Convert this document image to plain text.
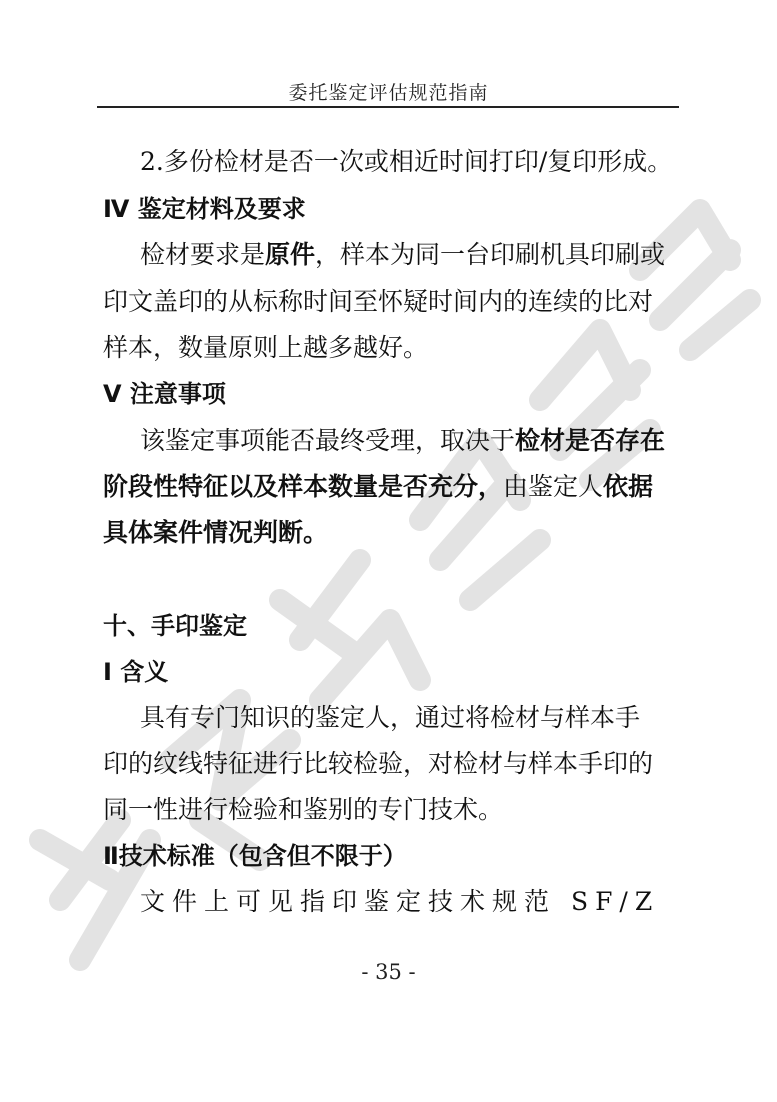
委托鉴定评估规范指南
2.多份检材是否一次或相近时间打印/复印形成。
Ⅳ 鉴定材料及要求
检材要求是原件，样本为同一台印刷机具印刷或
印文盖印的从标称时间至怀疑时间内的连续的比对
样本，数量原则上越多越好。
Ⅴ 注意事项
该鉴定事项能否最终受理，取决于检材是否存在
阶段性特征以及样本数量是否充分，由鉴定人依据
具体案件情况判断。
十、手印鉴定
Ⅰ 含义
具有专门知识的鉴定人，通过将检材与样本手
印的纹线特征进行比较检验，对检材与样本手印的
同一性进行检验和鉴别的专门技术。
Ⅱ技术标准（包含但不限于）
文件上可见指印鉴定技术规范 SF/Z
- 35 -
